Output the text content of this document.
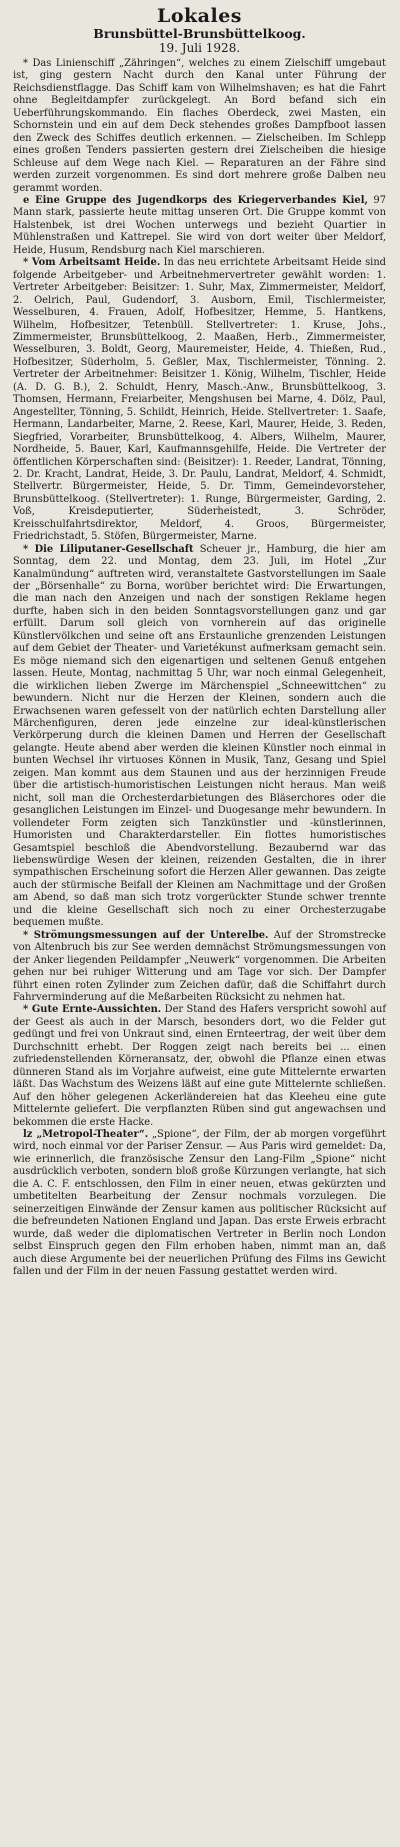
Lokales
Brunsbüttel-Brunsbüttelkoog.
19. Juli 1928.

* Das Linienschiff „Zähringen“, welches zu einem Zielschiff umgebaut ist, ging gestern Nacht durch den Kanal unter Führung der Reichsdienstflagge. Das Schiff kam von Wilhelmshaven; es hat die Fahrt ohne Begleitdampfer zurückgelegt. An Bord befand sich ein Ueberführungskommando. Ein flaches Oberdeck, zwei Masten, ein Schornstein und ein auf dem Deck stehendes großes Dampfboot lassen den Zweck des Schiffes deutlich erkennen. — Zielscheiben. Im Schlepp eines großen Tenders passierten gestern drei Zielscheiben die hiesige Schleuse auf dem Wege nach Kiel. — Reparaturen an der Fähre sind werden zurzeit vorgenommen. Es sind dort mehrere große Dalben neu gerammt worden.

e Eine Gruppe des Jugendkorps des Kriegerverbandes Kiel, 97 Mann stark, passierte heute mittag unseren Ort. Die Gruppe kommt von Halstenbek, ist drei Wochen unterwegs und bezieht Quartier in Mühlenstraßen und Kattrepel. Sie wird von dort weiter über Meldorf, Heide, Husum, Rendsburg nach Kiel marschieren.

* Vom Arbeitsamt Heide. In das neu errichtete Arbeitsamt Heide sind folgende Arbeitgeber- und Arbeitnehmervertreter gewählt worden: 1. Vertreter Arbeitgeber: Beisitzer: 1. Suhr, Max, Zimmermeister, Meldorf, 2. Oelrich, Paul, Gudendorf, 3. Ausborn, Emil, Tischlermeister, Wesselburen, 4. Frauen, Adolf, Hofbesitzer, Hemme, 5. Hantkens, Wilhelm, Hofbesitzer, Tetenbüll. Stellvertreter: 1. Kruse, Johs., Zimmermeister, Brunsbüttelkoog, 2. Maaßen, Herb., Zimmermeister, Wesselburen, 3. Boldt, Georg, Mauremeister, Heide, 4. Thießen, Rud., Hofbesitzer, Süderholm, 5. Geßler, Max, Tischlermeister, Tönning. 2. Vertreter der Arbeitnehmer: Beisitzer 1. König, Wilhelm, Tischler, Heide (A. D. G. B.), 2. Schuldt, Henry, Masch.-Anw., Brunsbüttelkoog, 3. Thomsen, Hermann, Freiarbeiter, Mengshusen bei Marne, 4. Dölz, Paul, Angestellter, Tönning, 5. Schildt, Heinrich, Heide. Stellvertreter: 1. Saafe, Hermann, Landarbeiter, Marne, 2. Reese, Karl, Maurer, Heide, 3. Reden, Siegfried, Vorarbeiter, Brunsbüttelkoog, 4. Albers, Wilhelm, Maurer, Nordheide, 5. Bauer, Karl, Kaufmannsgehilfe, Heide. Die Vertreter der öffentlichen Körperschaften sind: (Beisitzer): 1. Reeder, Landrat, Tönning, 2. Dr. Kracht, Landrat, Heide, 3. Dr. Paulu, Landrat, Meldorf, 4. Schmidt, Stellvertr. Bürgermeister, Heide, 5. Dr. Timm, Gemeindevorsteher, Brunsbüttelkoog. (Stellvertreter): 1. Runge, Bürgermeister, Garding, 2. Voß, Kreisdeputierter, Süderheistedt, 3. Schröder, Kreisschulfahrtsdirektor, Meldorf, 4. Groos, Bürgermeister, Friedrichstadt, 5. Stöfen, Bürgermeister, Marne.

* Die Liliputaner-Gesellschaft Scheuer jr., Hamburg, die hier am Sonntag, dem 22. und Montag, dem 23. Juli, im Hotel „Zur Kanalmündung“ auftreten wird, veranstaltete Gastvorstellungen im Saale der „Börsenhalle“ zu Borna, worüber berichtet wird: Die Erwartungen, die man nach den Anzeigen und nach der sonstigen Reklame hegen durfte, haben sich in den beiden Sonntagsvorstellungen ganz und gar erfüllt. Darum soll gleich von vornherein auf das originelle Künstlervölkchen und seine oft ans Erstaunliche grenzenden Leistungen auf dem Gebiet der Theater- und Varietékunst aufmerksam gemacht sein. Es möge niemand sich den eigenartigen und seltenen Genuß entgehen lassen. Heute, Montag, nachmittag 5 Uhr, war noch einmal Gelegenheit, die wirklichen lieben Zwerge im Märchenspiel „Schneewittchen“ zu bewundern. Nicht nur die Herzen der Kleinen, sondern auch die Erwachsenen waren gefesselt von der natürlich echten Darstellung aller Märchenfiguren, deren jede einzelne zur ideal-künstlerischen Verkörperung durch die kleinen Damen und Herren der Gesellschaft gelangte. Heute abend aber werden die kleinen Künstler noch einmal in bunten Wechsel ihr virtuoses Können in Musik, Tanz, Gesang und Spiel zeigen. Man kommt aus dem Staunen und aus der herzinnigen Freude über die artistisch-humoristischen Leistungen nicht heraus. Man weiß nicht, soll man die Orchesterdarbietungen des Bläserchores oder die gesanglichen Leistungen im Einzel- und Duogesange mehr bewundern. In vollendeter Form zeigten sich Tanzkünstler und -künstlerinnen, Humoristen und Charakterdarsteller. Ein flottes humoristisches Gesamtspiel beschloß die Abendvorstellung. Bezaubernd war das liebenswürdige Wesen der kleinen, reizenden Gestalten, die in ihrer sympathischen Erscheinung sofort die Herzen Aller gewannen. Das zeigte auch der stürmische Beifall der Kleinen am Nachmittage und der Großen am Abend, so daß man sich trotz vorgerückter Stunde schwer trennte und die kleine Gesellschaft sich noch zu einer Orchesterzugabe bequemen mußte.

* Strömungsmessungen auf der Unterelbe. Auf der Stromstrecke von Altenbruch bis zur See werden demnächst Strömungsmessungen von der Anker liegenden Peildampfer „Neuwerk“ vorgenommen. Die Arbeiten gehen nur bei ruhiger Witterung und am Tage vor sich. Der Dampfer führt einen roten Zylinder zum Zeichen dafür, daß die Schiffahrt durch Fahrverminderung auf die Meßarbeiten Rücksicht zu nehmen hat.

* Gute Ernte-Aussichten. Der Stand des Hafers verspricht sowohl auf der Geest als auch in der Marsch, besonders dort, wo die Felder gut gedüngt und frei von Unkraut sind, einen Ernteertrag, der weit über dem Durchschnitt erhebt. Der Roggen zeigt nach bereits bei ... einen zufriedenstellenden Körneransatz, der, obwohl die Pflanze einen etwas dünneren Stand als im Vorjahre aufweist, eine gute Mittelernte erwarten läßt. Das Wachstum des Weizens läßt auf eine gute Mittelernte schließen. Auf den höher gelegenen Ackerländereien hat das Kleeheu eine gute Mittelernte geliefert. Die verpflanzten Rüben sind gut angewachsen und bekommen die erste Hacke.

lz „Metropol-Theater“. „Spione“, der Film, der ab morgen vorgeführt wird, noch einmal vor der Pariser Zensur. — Aus Paris wird gemeldet: Da, wie erinnerlich, die französische Zensur den Lang-Film „Spione“ nicht ausdrücklich verboten, sondern bloß große Kürzungen verlangte, hat sich die A. C. F. entschlossen, den Film in einer neuen, etwas gekürzten und umbetitelten Bearbeitung der Zensur nochmals vorzulegen. Die seinerzeitigen Einwände der Zensur kamen aus politischer Rücksicht auf die befreundeten Nationen England und Japan. Das erste Erweis erbracht wurde, daß weder die diplomatischen Vertreter in Berlin noch London selbst Einspruch gegen den Film erhoben haben, nimmt man an, daß auch diese Argumente bei der neuerlichen Prüfung des Films ins Gewicht fallen und der Film in der neuen Fassung gestattet werden wird.
